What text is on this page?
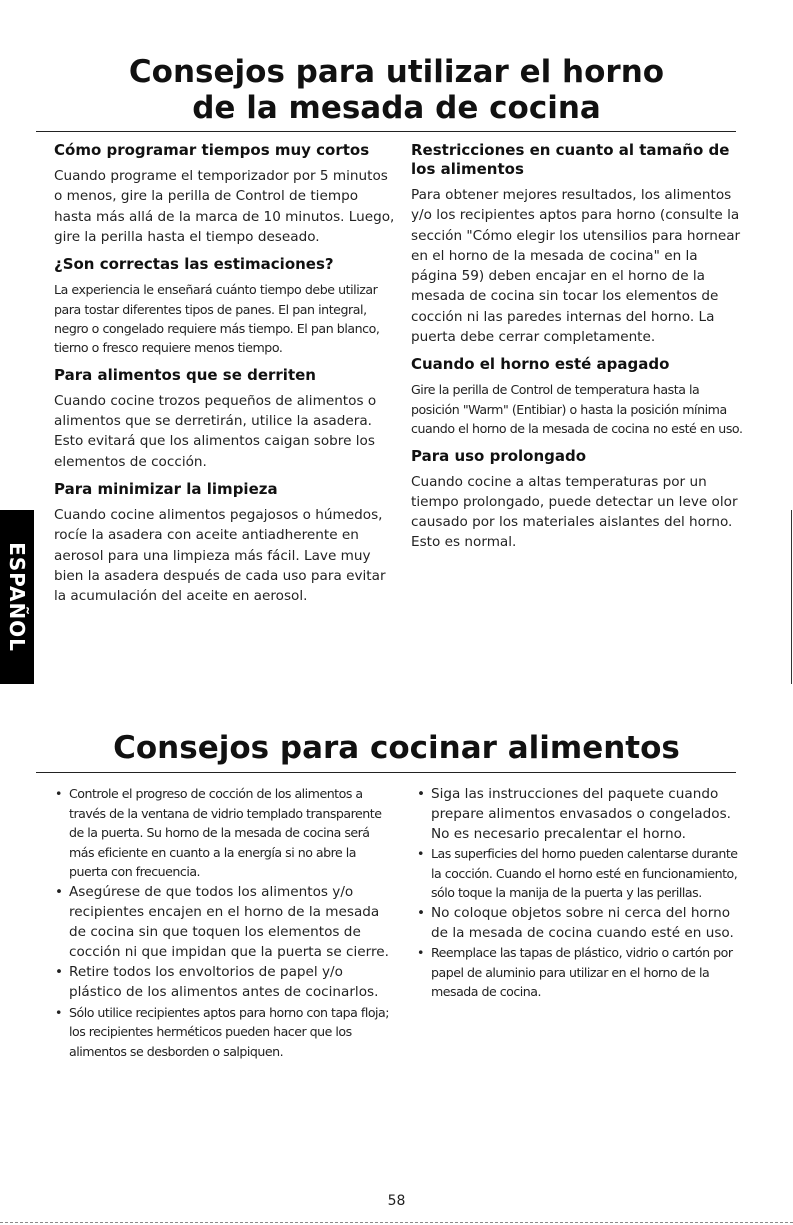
Consejos para utilizar el horno
de la mesada de cocina
Cómo programar tiempos muy cortos

Cuando programe el temporizador por 5 minutos o menos, gire la perilla de Control de tiempo hasta más allá de la marca de 10 minutos. Luego, gire la perilla hasta el tiempo deseado.

¿Son correctas las estimaciones?

La experiencia le enseñará cuánto tiempo debe utilizar para tostar diferentes tipos de panes. El pan integral, negro o congelado requiere más tiempo. El pan blanco, tierno o fresco requiere menos tiempo.

Para alimentos que se derriten

Cuando cocine trozos pequeños de alimentos o alimentos que se derretirán, utilice la asadera. Esto evitará que los alimentos caigan sobre los elementos de cocción.

Para minimizar la limpieza

Cuando cocine alimentos pegajosos o húmedos, rocíe la asadera con aceite antiadherente en aerosol para una limpieza más fácil. Lave muy bien la asadera después de cada uso para evitar la acumulación del aceite en aerosol.

Restricciones en cuanto al tamaño de los alimentos

Para obtener mejores resultados, los alimentos y/o los recipientes aptos para horno (consulte la sección "Cómo elegir los utensilios para hornear en el horno de la mesada de cocina" en la página 59) deben encajar en el horno de la mesada de cocina sin tocar los elementos de cocción ni las paredes internas del horno. La puerta debe cerrar completamente.

Cuando el horno esté apagado

Gire la perilla de Control de temperatura hasta la posición "Warm" (Entibiar) o hasta la posición mínima cuando el horno de la mesada de cocina no esté en uso.

Para uso prolongado

Cuando cocine a altas temperaturas por un tiempo prolongado, puede detectar un leve olor causado por los materiales aislantes del horno. Esto es normal.

ESPAÑOL
Consejos para cocinar alimentos
• Controle el progreso de cocción de los alimentos a través de la ventana de vidrio templado transparente de la puerta. Su horno de la mesada de cocina será más eficiente en cuanto a la energía si no abre la puerta con frecuencia.
• Asegúrese de que todos los alimentos y/o recipientes encajen en el horno de la mesada de cocina sin que toquen los elementos de cocción ni que impidan que la puerta se cierre.
• Retire todos los envoltorios de papel y/o plástico de los alimentos antes de cocinarlos.
• Sólo utilice recipientes aptos para horno con tapa floja; los recipientes herméticos pueden hacer que los alimentos se desborden o salpiquen.
• Siga las instrucciones del paquete cuando prepare alimentos envasados o congelados. No es necesario precalentar el horno.
• Las superficies del horno pueden calentarse durante la cocción. Cuando el horno esté en funcionamiento, sólo toque la manija de la puerta y las perillas.
• No coloque objetos sobre ni cerca del horno de la mesada de cocina cuando esté en uso.
• Reemplace las tapas de plástico, vidrio o cartón por papel de aluminio para utilizar en el horno de la mesada de cocina.
58
